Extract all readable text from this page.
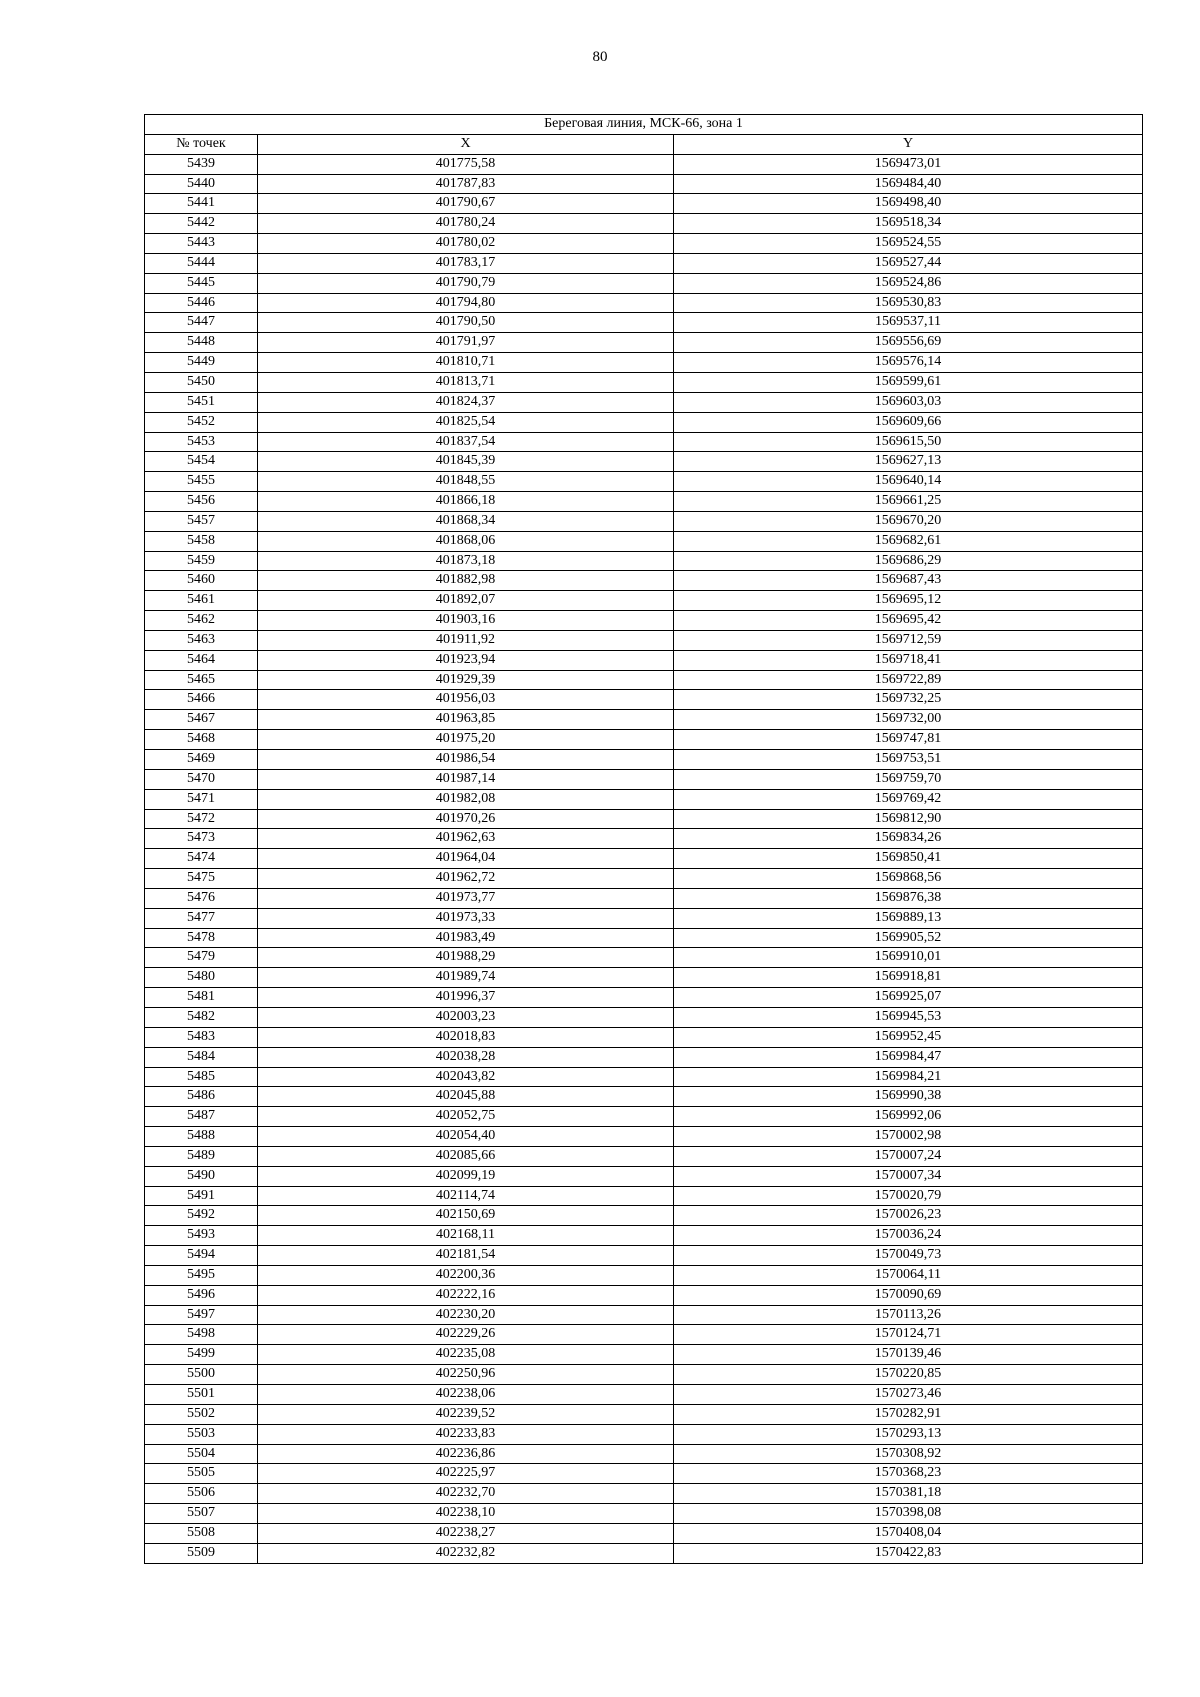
80
Береговая линия, МСК-66, зона 1		
№ точек	X	Y
5439	401775,58	1569473,01
5440	401787,83	1569484,40
5441	401790,67	1569498,40
5442	401780,24	1569518,34
5443	401780,02	1569524,55
5444	401783,17	1569527,44
5445	401790,79	1569524,86
5446	401794,80	1569530,83
5447	401790,50	1569537,11
5448	401791,97	1569556,69
5449	401810,71	1569576,14
5450	401813,71	1569599,61
5451	401824,37	1569603,03
5452	401825,54	1569609,66
5453	401837,54	1569615,50
5454	401845,39	1569627,13
5455	401848,55	1569640,14
5456	401866,18	1569661,25
5457	401868,34	1569670,20
5458	401868,06	1569682,61
5459	401873,18	1569686,29
5460	401882,98	1569687,43
5461	401892,07	1569695,12
5462	401903,16	1569695,42
5463	401911,92	1569712,59
5464	401923,94	1569718,41
5465	401929,39	1569722,89
5466	401956,03	1569732,25
5467	401963,85	1569732,00
5468	401975,20	1569747,81
5469	401986,54	1569753,51
5470	401987,14	1569759,70
5471	401982,08	1569769,42
5472	401970,26	1569812,90
5473	401962,63	1569834,26
5474	401964,04	1569850,41
5475	401962,72	1569868,56
5476	401973,77	1569876,38
5477	401973,33	1569889,13
5478	401983,49	1569905,52
5479	401988,29	1569910,01
5480	401989,74	1569918,81
5481	401996,37	1569925,07
5482	402003,23	1569945,53
5483	402018,83	1569952,45
5484	402038,28	1569984,47
5485	402043,82	1569984,21
5486	402045,88	1569990,38
5487	402052,75	1569992,06
5488	402054,40	1570002,98
5489	402085,66	1570007,24
5490	402099,19	1570007,34
5491	402114,74	1570020,79
5492	402150,69	1570026,23
5493	402168,11	1570036,24
5494	402181,54	1570049,73
5495	402200,36	1570064,11
5496	402222,16	1570090,69
5497	402230,20	1570113,26
5498	402229,26	1570124,71
5499	402235,08	1570139,46
5500	402250,96	1570220,85
5501	402238,06	1570273,46
5502	402239,52	1570282,91
5503	402233,83	1570293,13
5504	402236,86	1570308,92
5505	402225,97	1570368,23
5506	402232,70	1570381,18
5507	402238,10	1570398,08
5508	402238,27	1570408,04
5509	402232,82	1570422,83
